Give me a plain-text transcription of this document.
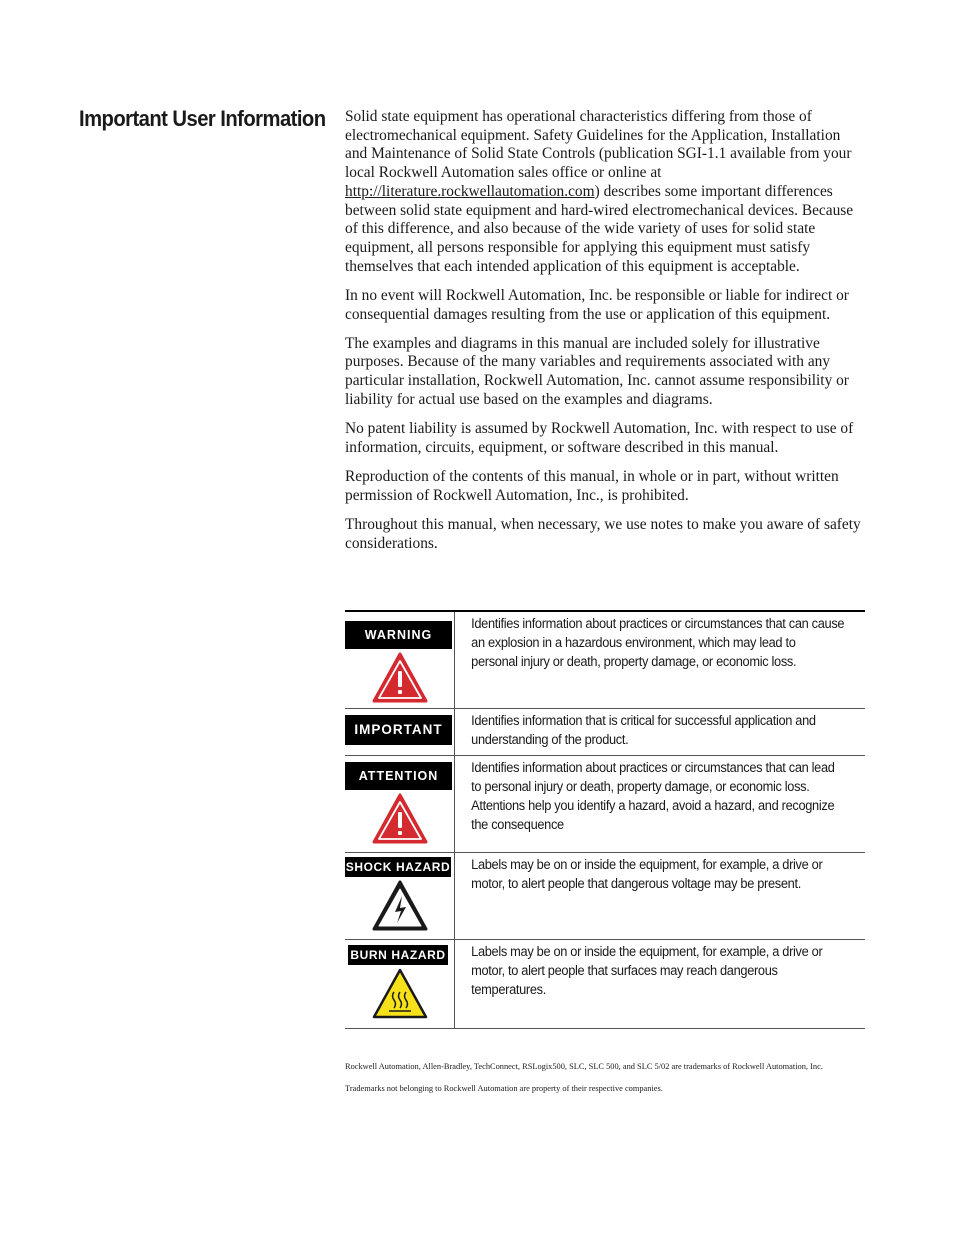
Important User Information Solid state equipment has operational characteristics differing from those of electromechanical equipment. Safety Guidelines for the Application, Installation and Maintenance of Solid State Controls (publication SGI-1.1 available from your local Rockwell Automation sales office or online at http://literature.rockwellautomation.com) describes some important differences between solid state equipment and hard-wired electromechanical devices. Because of this difference, and also because of the wide variety of uses for solid state equipment, all persons responsible for applying this equipment must satisfy themselves that each intended application of this equipment is acceptable.

In no event will Rockwell Automation, Inc. be responsible or liable for indirect or consequential damages resulting from the use or application of this equipment.

The examples and diagrams in this manual are included solely for illustrative purposes. Because of the many variables and requirements associated with any particular installation, Rockwell Automation, Inc. cannot assume responsibility or liability for actual use based on the examples and diagrams.

No patent liability is assumed by Rockwell Automation, Inc. with respect to use of information, circuits, equipment, or software described in this manual.

Reproduction of the contents of this manual, in whole or in part, without written permission of Rockwell Automation, Inc., is prohibited.

Throughout this manual, when necessary, we use notes to make you aware of safety considerations.

WARNING
Identifies information about practices or circumstances that can cause an explosion in a hazardous environment, which may lead to personal injury or death, property damage, or economic loss.
IMPORTANT
Identifies information that is critical for successful application and understanding of the product.
ATTENTION
Identifies information about practices or circumstances that can lead to personal injury or death, property damage, or economic loss. Attentions help you identify a hazard, avoid a hazard, and recognize the consequence
SHOCK HAZARD	Labels may be on or inside the equipment, for example, a drive or motor, to alert people that dangerous voltage may be present.
BURN HAZARD	Labels may be on or inside the equipment, for example, a drive or motor, to alert people that surfaces may reach dangerous temperatures.

Rockwell Automation, Allen-Bradley, TechConnect, RSLogix500, SLC, SLC 500, and SLC 5/02 are trademarks of Rockwell Automation, Inc.

Trademarks not belonging to Rockwell Automation are property of their respective companies.
